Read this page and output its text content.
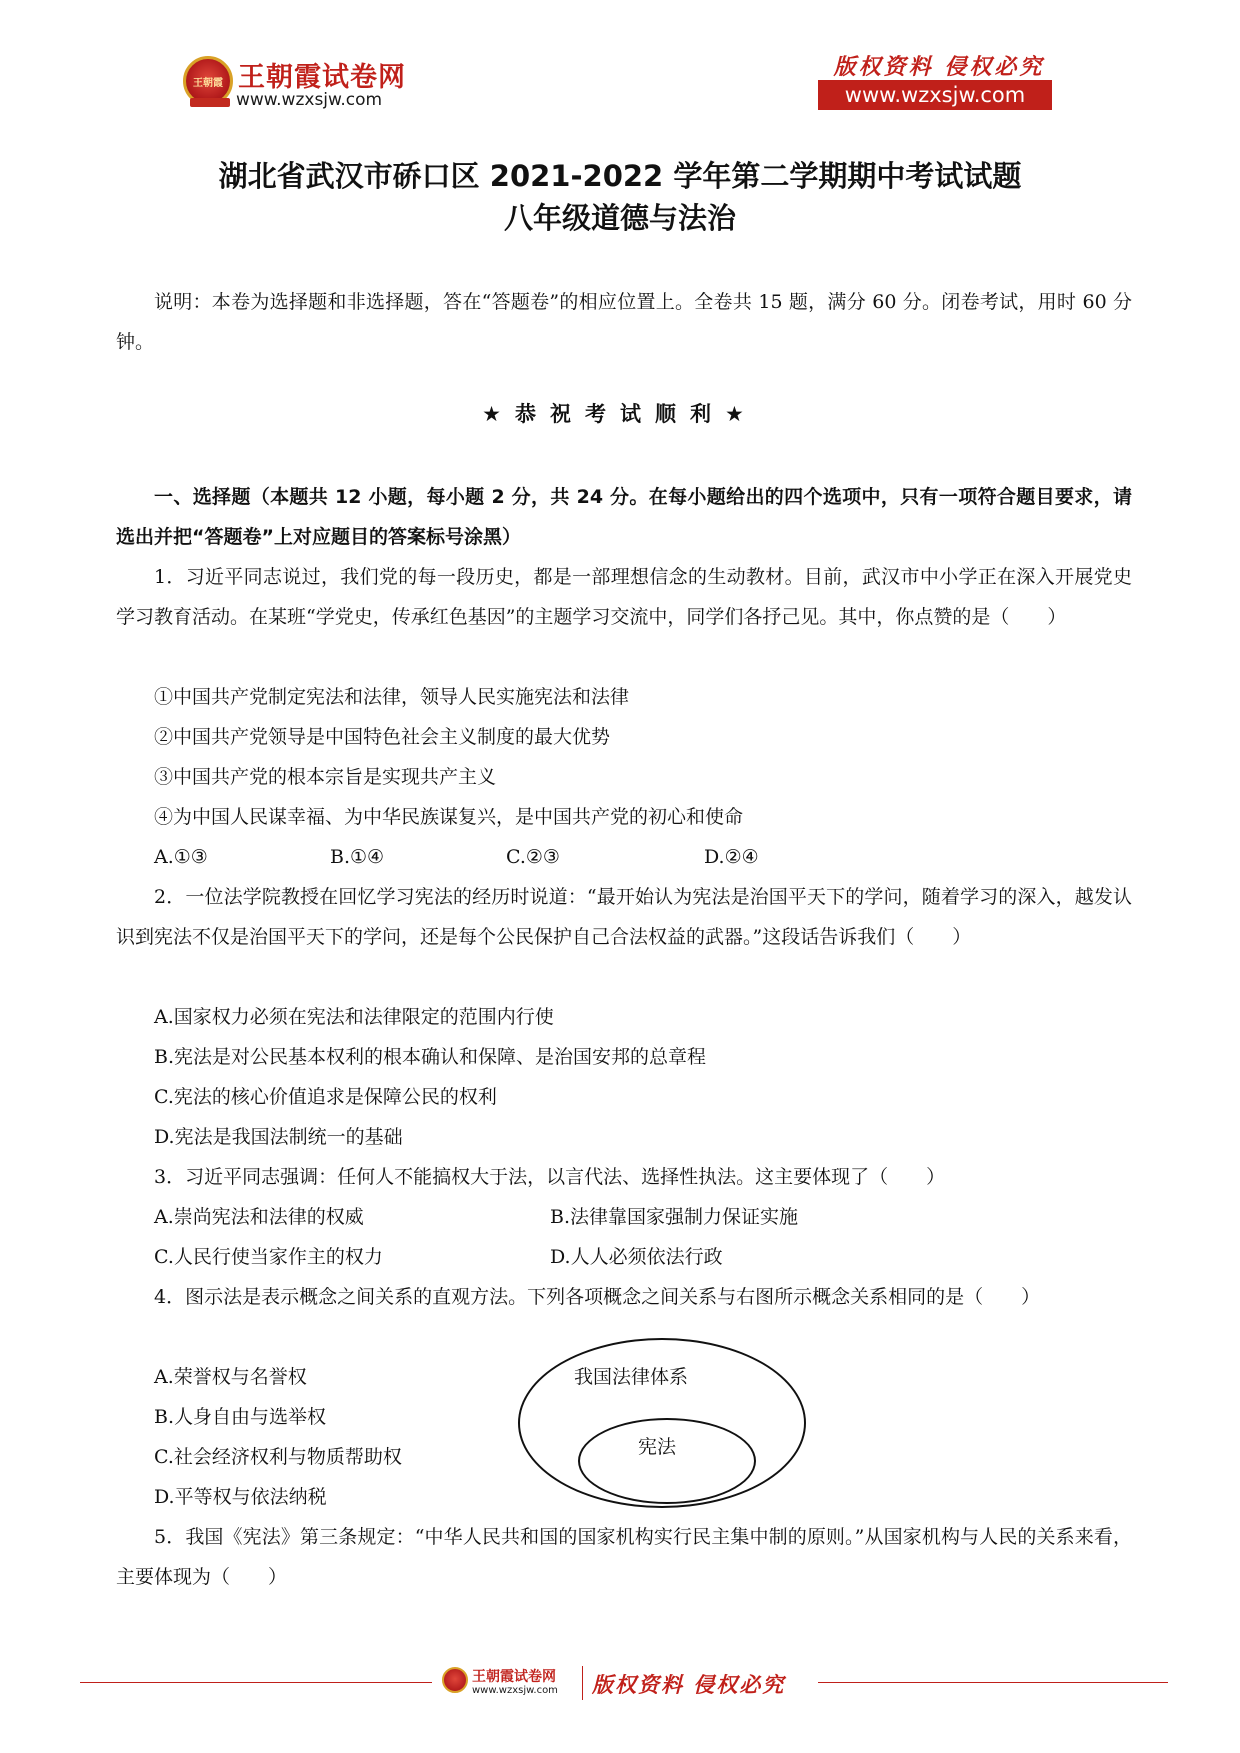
王朝霞 王朝霞试卷网
www.wzxsjw.com
版权资料 侵权必究
www.wzxsjw.com
湖北省武汉市硚口区 2021-2022 学年第二学期期中考试试题
八年级道德与法治
说明：本卷为选择题和非选择题，答在“答题卷”的相应位置上。全卷共 15 题，满分 60 分。闭卷考试，用时 60 分钟。
★恭祝考试顺利★
一、选择题（本题共 12 小题，每小题 2 分，共 24 分。在每小题给出的四个选项中，只有一项符合题目要求，请选出并把“答题卷”上对应题目的答案标号涂黑）
1．习近平同志说过，我们党的每一段历史，都是一部理想信念的生动教材。目前，武汉市中小学正在深入开展党史学习教育活动。在某班“学党史，传承红色基因”的主题学习交流中，同学们各抒己见。其中，你点赞的是（　　）
①中国共产党制定宪法和法律，领导人民实施宪法和法律
②中国共产党领导是中国特色社会主义制度的最大优势
③中国共产党的根本宗旨是实现共产主义
④为中国人民谋幸福、为中华民族谋复兴，是中国共产党的初心和使命
A.①③	B.①④	C.②③	D.②④
2．一位法学院教授在回忆学习宪法的经历时说道：“最开始认为宪法是治国平天下的学问，随着学习的深入，越发认识到宪法不仅是治国平天下的学问，还是每个公民保护自己合法权益的武器。”这段话告诉我们（　　）
A.国家权力必须在宪法和法律限定的范围内行使
B.宪法是对公民基本权利的根本确认和保障、是治国安邦的总章程
C.宪法的核心价值追求是保障公民的权利
D.宪法是我国法制统一的基础
3．习近平同志强调：任何人不能搞权大于法，以言代法、选择性执法。这主要体现了（　　）
A.崇尚宪法和法律的权威	B.法律靠国家强制力保证实施
C.人民行使当家作主的权力	D.人人必须依法行政
4．图示法是表示概念之间关系的直观方法。下列各项概念之间关系与右图所示概念关系相同的是（　　）
A.荣誉权与名誉权
B.人身自由与选举权
C.社会经济权利与物质帮助权
D.平等权与依法纳税
我国法律体系
宪法
5．我国《宪法》第三条规定：“中华人民共和国的国家机构实行民主集中制的原则。”从国家机构与人民的关系来看，主要体现为（　　）
王朝霞试卷网
www.wzxsjw.com 版权资料 侵权必究
